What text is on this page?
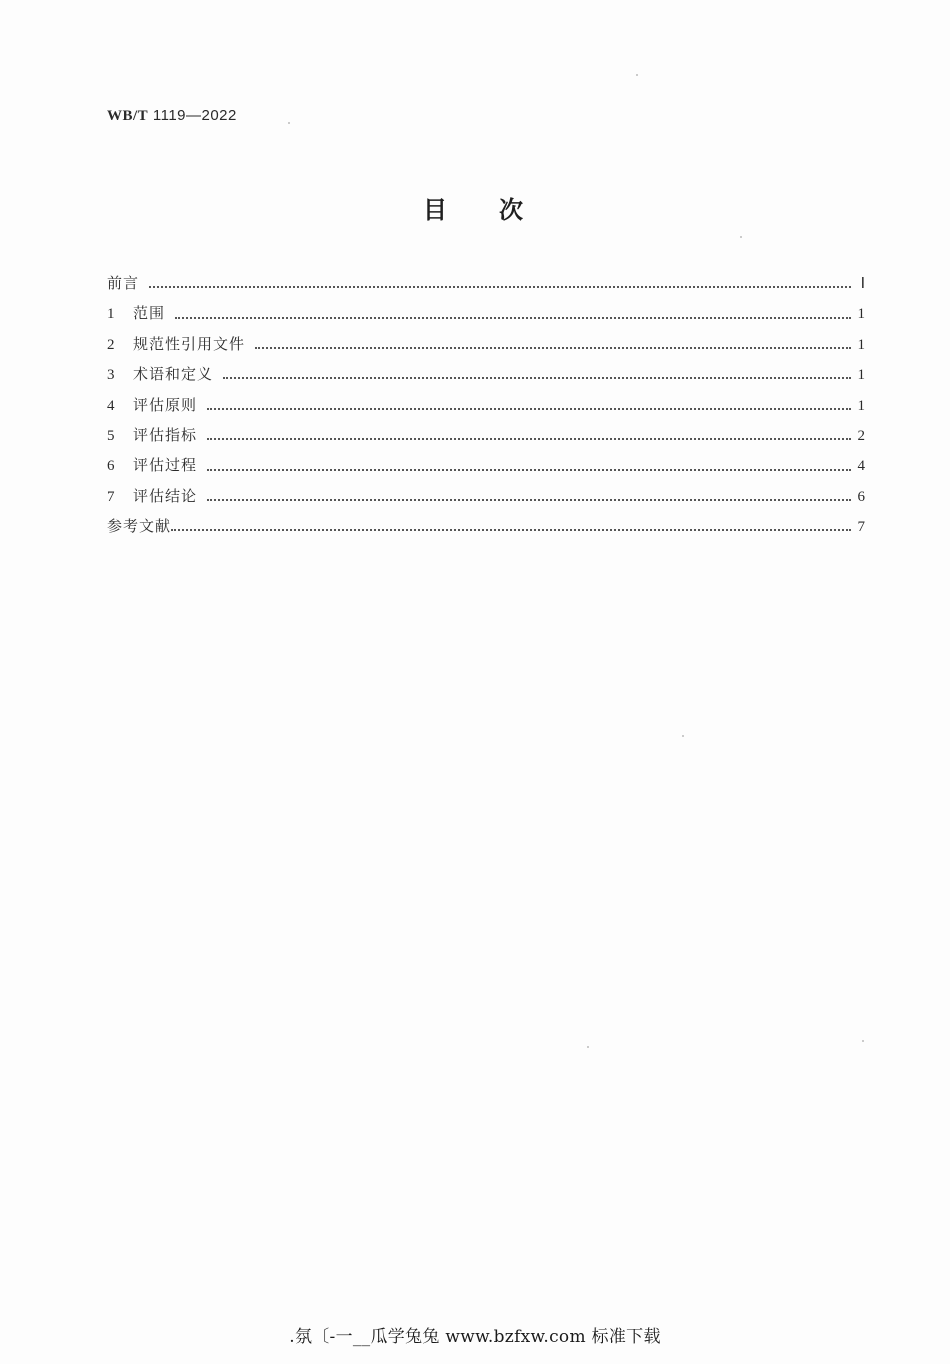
WB/T 1119—2022
目次
前言	Ⅰ
1	范围	1
2	规范性引用文件	1
3	术语和定义	1
4	评估原则	1
5	评估指标	2
6	评估过程	4
7	评估结论	6
参考文献	7
.氛〔-一__瓜学兔兔 www.bzfxw.com 标准下载
